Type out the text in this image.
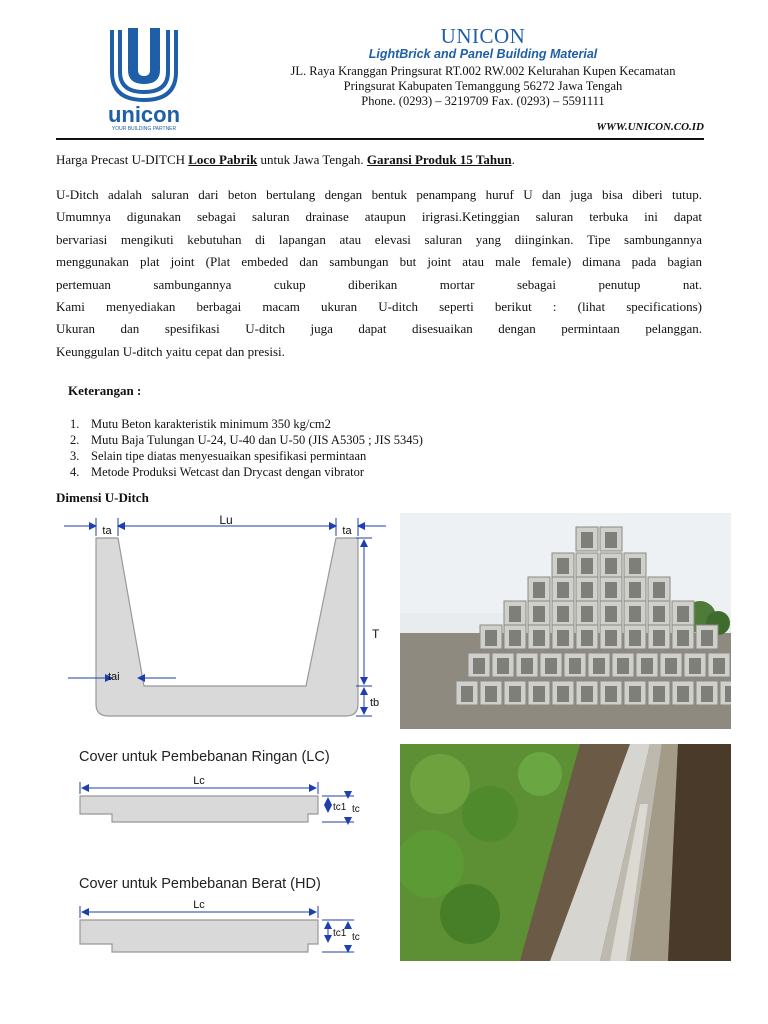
unicon
YOUR BUILDING PARTNER
UNICON
LightBrick and Panel Building Material
JL. Raya Kranggan Pringsurat RT.002 RW.002 Kelurahan Kupen Kecamatan
Pringsurat Kabupaten Temanggung 56272 Jawa Tengah
Phone. (0293) – 3219709 Fax. (0293) – 5591111
WWW.UNICON.CO.ID
Harga Precast U-DITCH Loco Pabrik untuk Jawa Tengah. Garansi Produk 15 Tahun.
U-Ditch adalah saluran dari beton bertulang dengan bentuk penampang huruf U dan juga bisa diberi tutup.
Umumnya digunakan sebagai saluran drainase ataupun irigrasi.Ketinggian saluran terbuka ini dapat
bervariasi mengikuti kebutuhan di lapangan atau elevasi saluran yang diinginkan. Tipe sambungannya
menggunakan plat joint (Plat embeded dan sambungan but joint atau male female) dimana pada bagian
pertemuan sambungannya cukup diberikan mortar sebagai penutup nat.
Kami menyediakan berbagai macam ukuran U-ditch seperti berikut : (lihat specifications)
Ukuran dan spesifikasi U-ditch juga dapat disesuaikan dengan permintaan pelanggan.
Keunggulan U-ditch yaitu cepat dan presisi.
Keterangan :
1. Mutu Beton karakteristik minimum 350 kg/cm2
2. Mutu Baja Tulungan U-24, U-40 dan U-50 (JIS A5305 ; JIS 5345)
3. Selain tipe diatas menyesuaikan spesifikasi permintaan
4. Metode Produksi Wetcast dan Drycast dengan vibrator
Dimensi U-Ditch
ta
Lu
ta
T
tai
tb
Cover untuk Pembebanan Ringan (LC)
Lc
tc1 tc
Cover untuk Pembebanan Berat (HD)
Lc
tc1 tc
